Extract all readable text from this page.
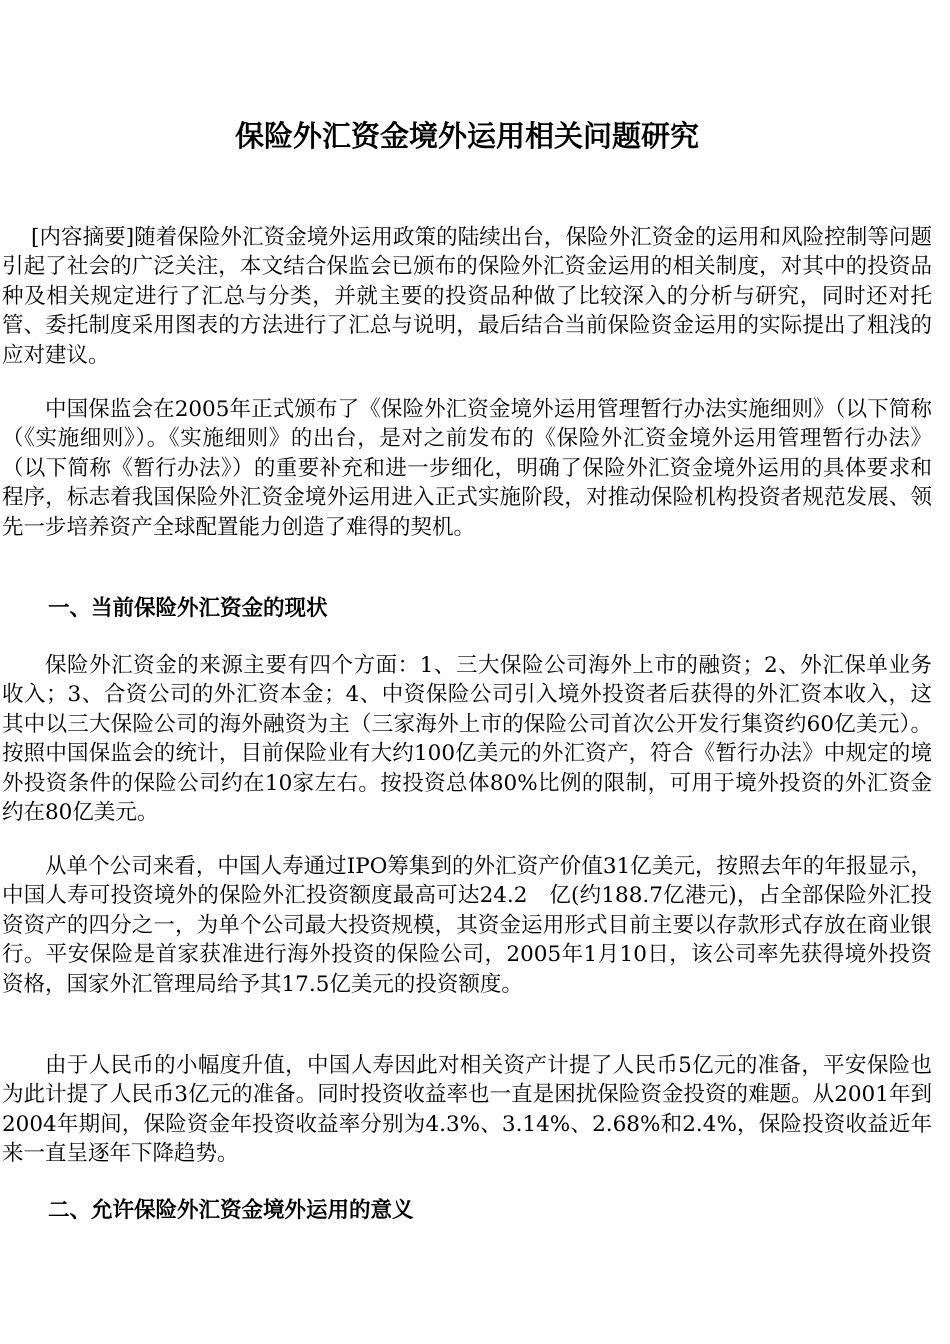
保险外汇资金境外运用相关问题研究

[内容摘要]随着保险外汇资金境外运用政策的陆续出台，保险外汇资金的运用和风险控制等问题引起了社会的广泛关注，本文结合保监会已颁布的保险外汇资金运用的相关制度，对其中的投资品种及相关规定进行了汇总与分类，并就主要的投资品种做了比较深入的分析与研究，同时还对托管、委托制度采用图表的方法进行了汇总与说明，最后结合当前保险资金运用的实际提出了粗浅的应对建议。

中国保监会在2005年正式颁布了《保险外汇资金境外运用管理暂行办法实施细则》（以下简称（《实施细则》）。《实施细则》的出台，是对之前发布的《保险外汇资金境外运用管理暂行办法》（以下简称《暂行办法》）的重要补充和进一步细化，明确了保险外汇资金境外运用的具体要求和程序，标志着我国保险外汇资金境外运用进入正式实施阶段，对推动保险机构投资者规范发展、领先一步培养资产全球配置能力创造了难得的契机。

一、当前保险外汇资金的现状

保险外汇资金的来源主要有四个方面：1、三大保险公司海外上市的融资；2、外汇保单业务收入；3、合资公司的外汇资本金；4、中资保险公司引入境外投资者后获得的外汇资本收入，这其中以三大保险公司的海外融资为主（三家海外上市的保险公司首次公开发行集资约60亿美元）。按照中国保监会的统计，目前保险业有大约100亿美元的外汇资产，符合《暂行办法》中规定的境外投资条件的保险公司约在10家左右。按投资总体80%比例的限制，可用于境外投资的外汇资金约在80亿美元。

从单个公司来看，中国人寿通过IPO筹集到的外汇资产价值31亿美元，按照去年的年报显示，中国人寿可投资境外的保险外汇投资额度最高可达24.2　亿(约188.7亿港元)，占全部保险外汇投资资产的四分之一，为单个公司最大投资规模，其资金运用形式目前主要以存款形式存放在商业银行。平安保险是首家获准进行海外投资的保险公司，2005年1月10日，该公司率先获得境外投资资格，国家外汇管理局给予其17.5亿美元的投资额度。

由于人民币的小幅度升值，中国人寿因此对相关资产计提了人民币5亿元的准备，平安保险也为此计提了人民币3亿元的准备。同时投资收益率也一直是困扰保险资金投资的难题。从2001年到2004年期间，保险资金年投资收益率分别为4.3%、3.14%、2.68%和2.4%，保险投资收益近年来一直呈逐年下降趋势。

二、允许保险外汇资金境外运用的意义
